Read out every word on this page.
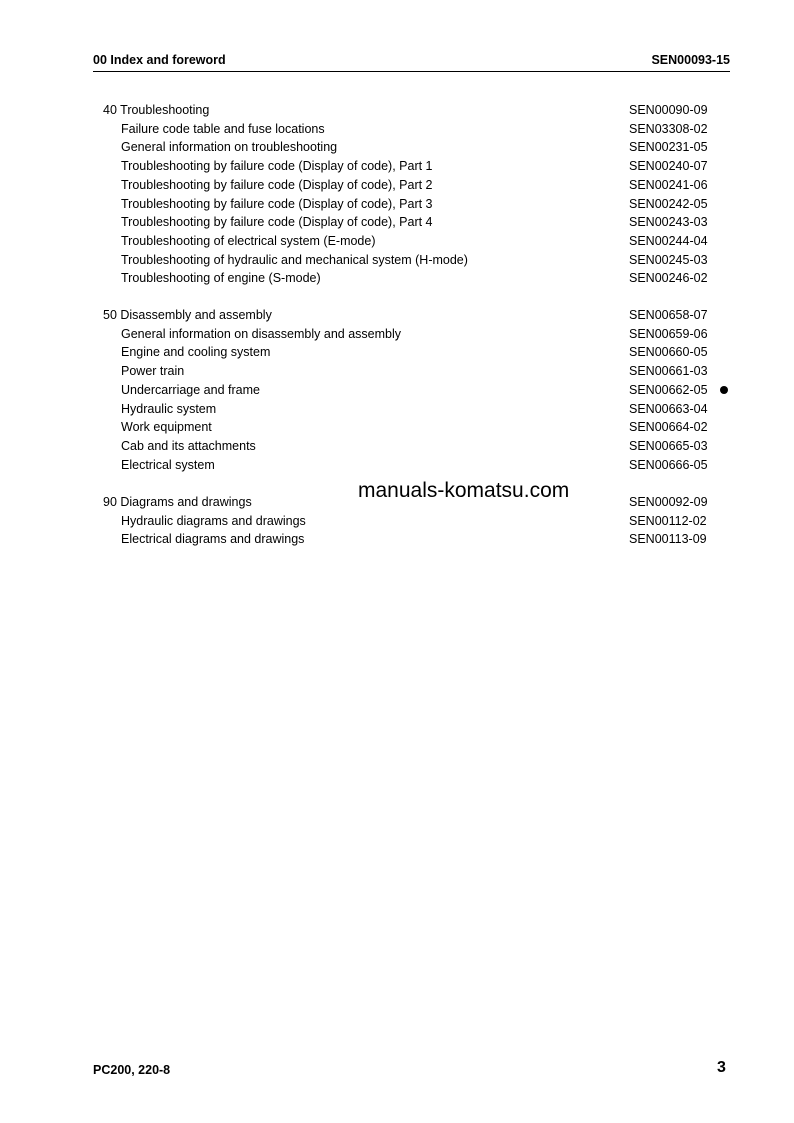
00 Index and foreword	SEN00093-15
40 Troubleshooting	SEN00090-09
Failure code table and fuse locations	SEN03308-02
General information on troubleshooting	SEN00231-05
Troubleshooting by failure code (Display of code), Part 1	SEN00240-07
Troubleshooting by failure code (Display of code), Part 2	SEN00241-06
Troubleshooting by failure code (Display of code), Part 3	SEN00242-05
Troubleshooting by failure code (Display of code), Part 4	SEN00243-03
Troubleshooting of electrical system (E-mode)	SEN00244-04
Troubleshooting of hydraulic and mechanical system (H-mode)	SEN00245-03
Troubleshooting of engine (S-mode)	SEN00246-02
50 Disassembly and assembly	SEN00658-07
General information on disassembly and assembly	SEN00659-06
Engine and cooling system	SEN00660-05
Power train	SEN00661-03
Undercarriage and frame	SEN00662-05
Hydraulic system	SEN00663-04
Work equipment	SEN00664-02
Cab and its attachments	SEN00665-03
Electrical system	SEN00666-05
90 Diagrams and drawings	SEN00092-09
Hydraulic diagrams and drawings	SEN00112-02
Electrical diagrams and drawings	SEN00113-09
manuals-komatsu.com
PC200, 220-8	3
